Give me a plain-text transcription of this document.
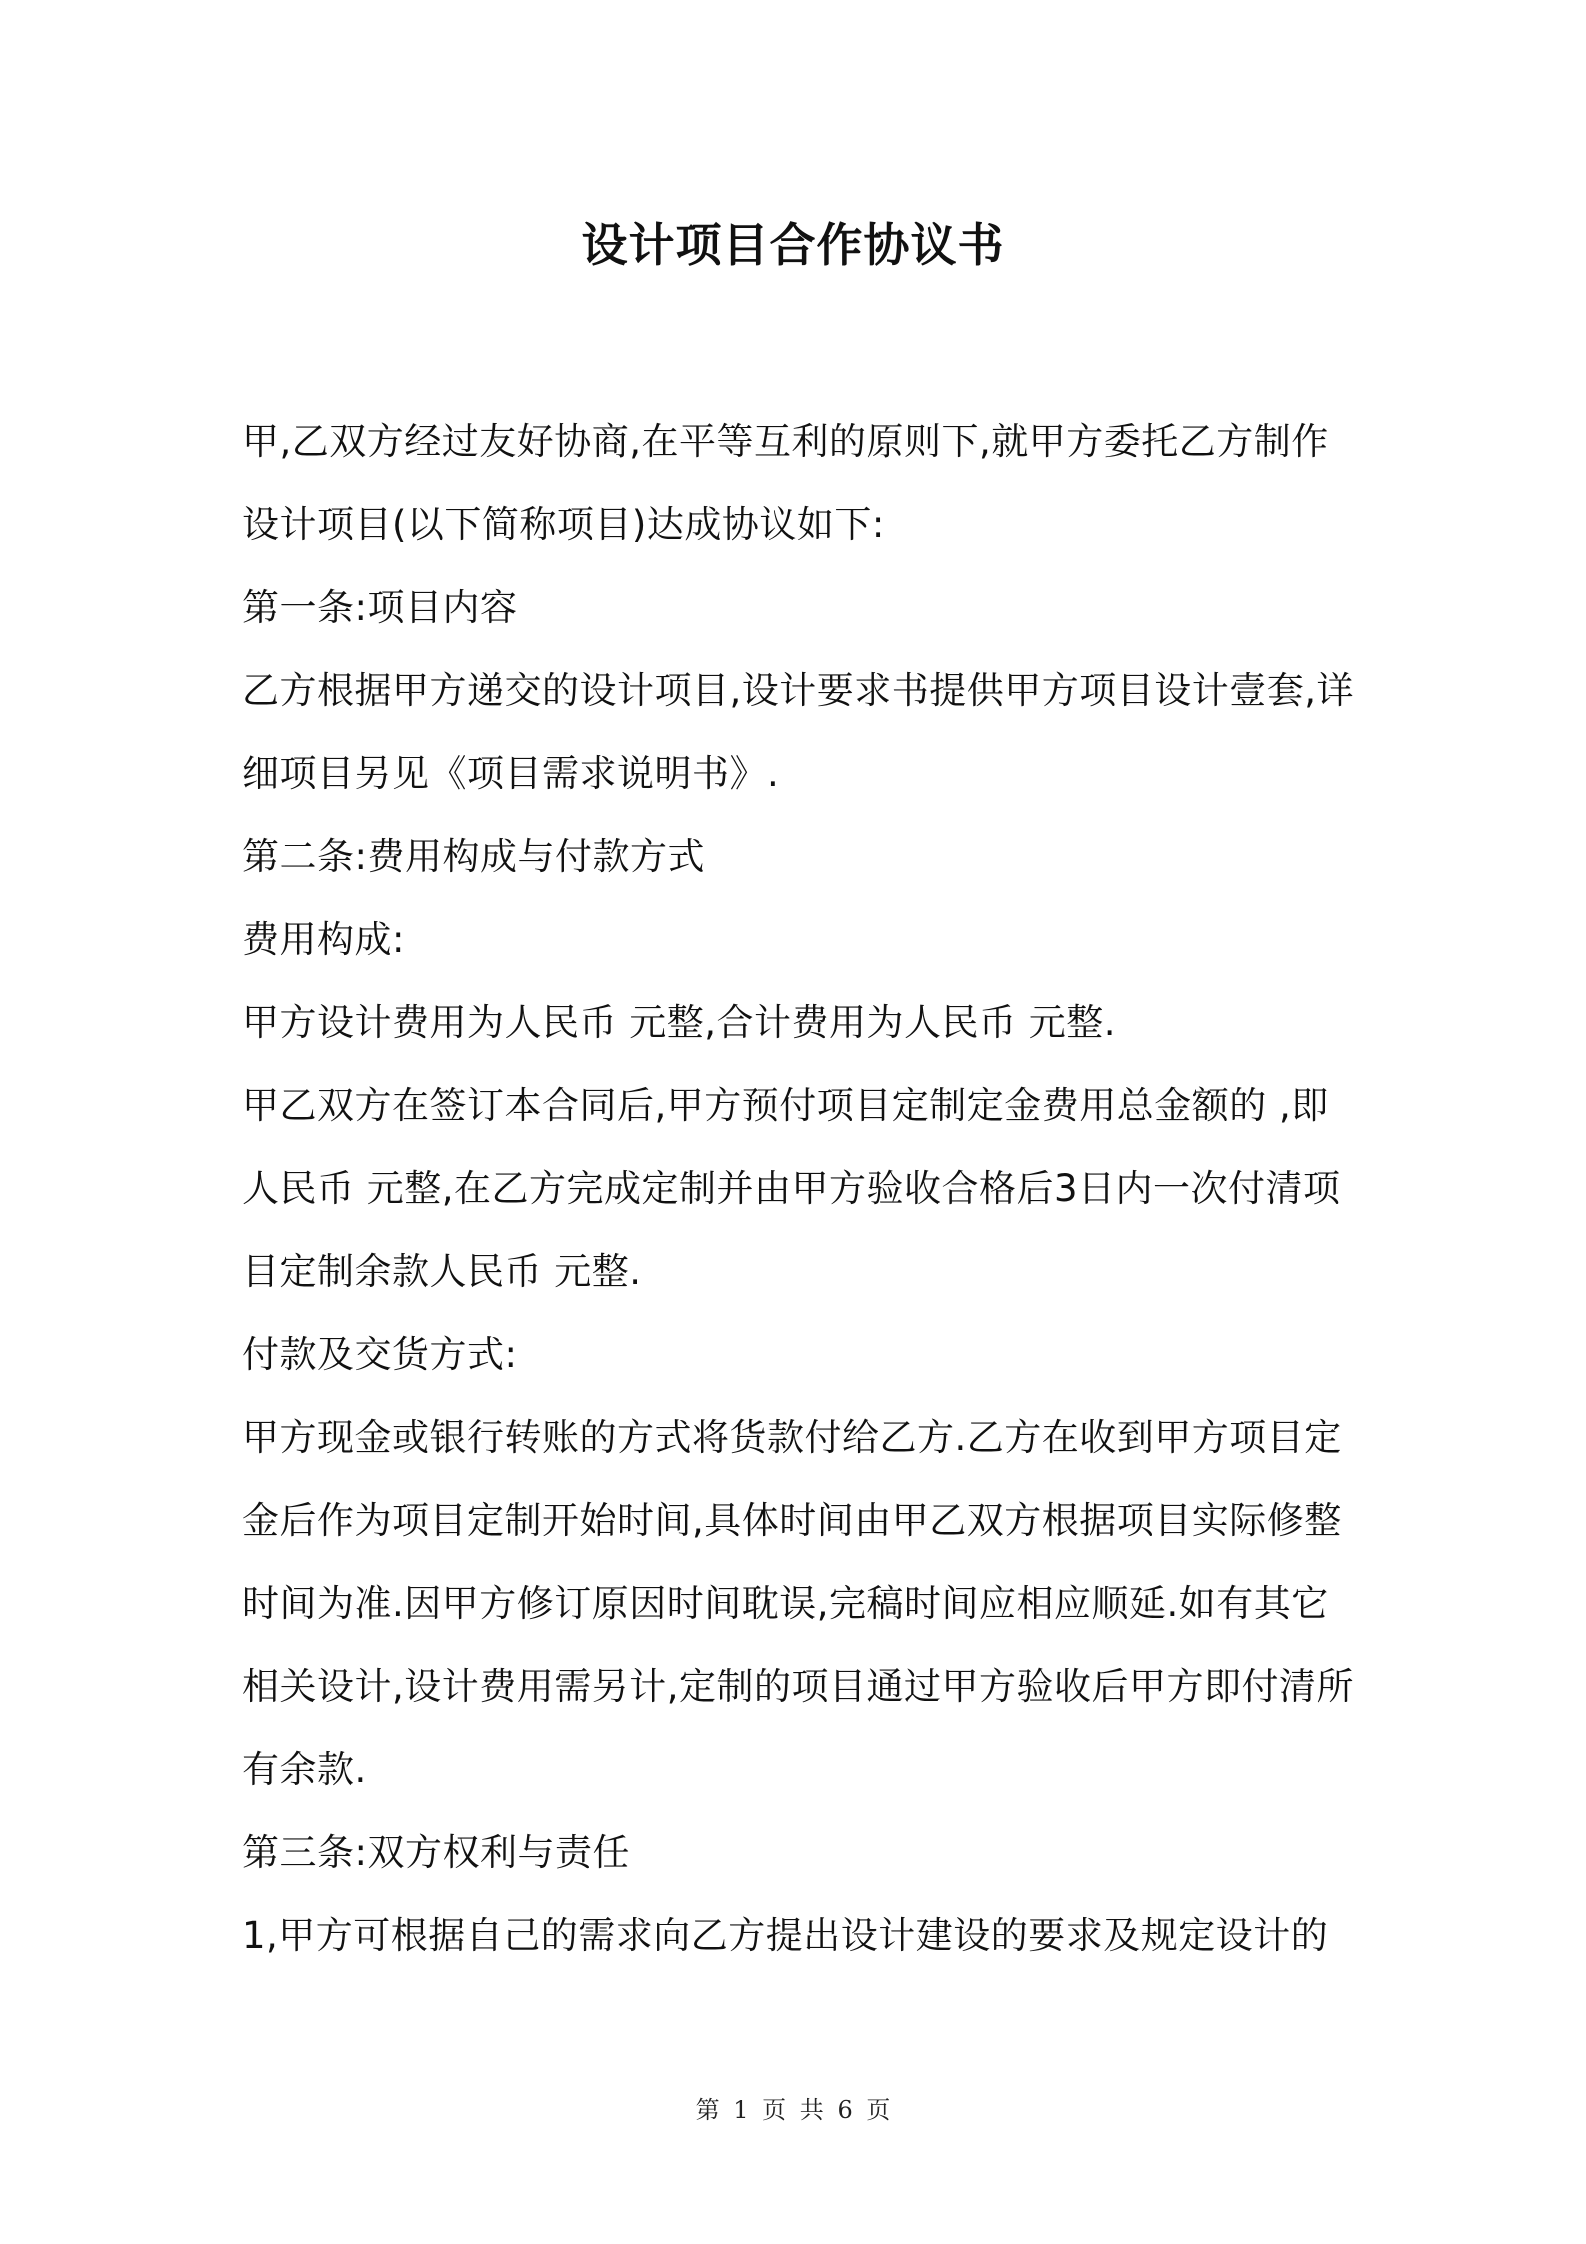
设计项目合作协议书
甲,乙双方经过友好协商,在平等互利的原则下,就甲方委托乙方制作
设计项目(以下简称项目)达成协议如下:
第一条:项目内容
乙方根据甲方递交的设计项目,设计要求书提供甲方项目设计壹套,详
细项目另见《项目需求说明书》.
第二条:费用构成与付款方式
费用构成:
甲方设计费用为人民币 元整,合计费用为人民币 元整.
甲乙双方在签订本合同后,甲方预付项目定制定金费用总金额的 ,即
人民币 元整,在乙方完成定制并由甲方验收合格后3日内一次付清项
目定制余款人民币 元整.
付款及交货方式:
甲方现金或银行转账的方式将货款付给乙方.乙方在收到甲方项目定
金后作为项目定制开始时间,具体时间由甲乙双方根据项目实际修整
时间为准.因甲方修订原因时间耽误,完稿时间应相应顺延.如有其它
相关设计,设计费用需另计,定制的项目通过甲方验收后甲方即付清所
有余款.
第三条:双方权利与责任
1,甲方可根据自己的需求向乙方提出设计建设的要求及规定设计的
第 1 页 共 6 页
